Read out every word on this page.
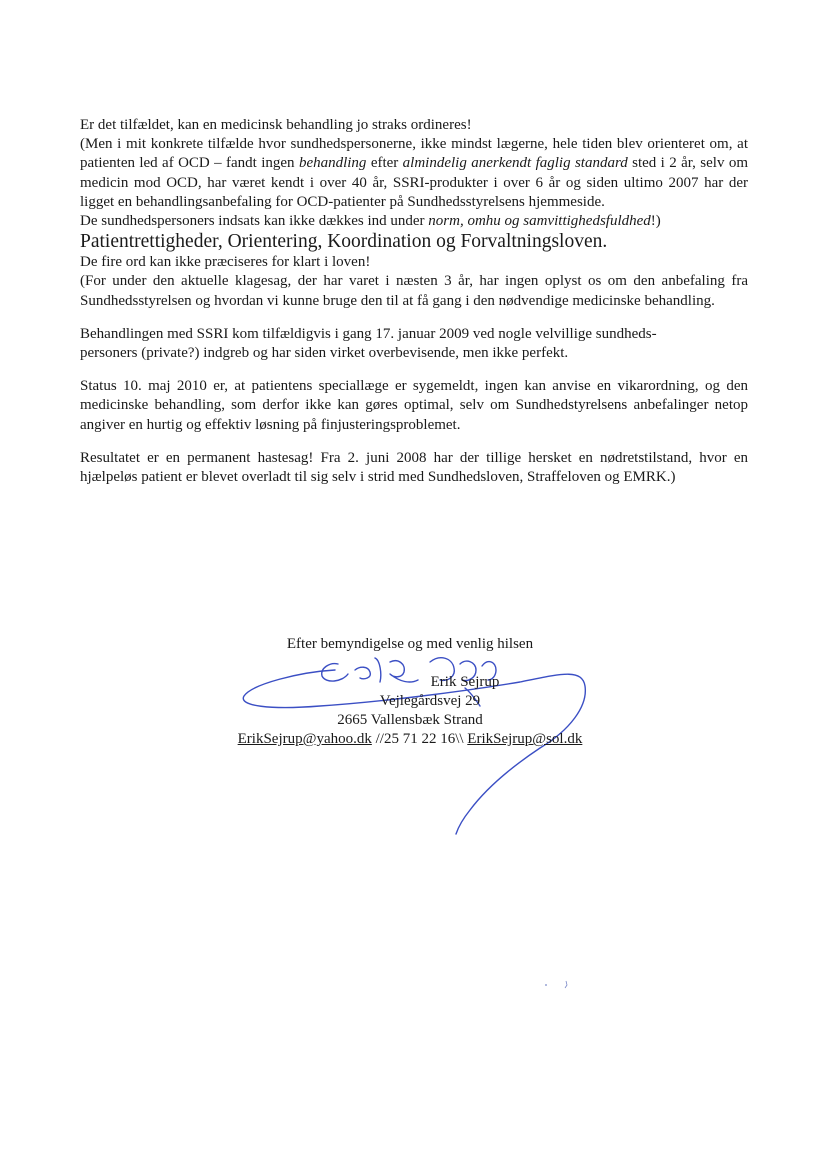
Er det tilfældet, kan en medicinsk behandling jo straks ordineres!

(Men i mit konkrete tilfælde hvor sundhedspersonerne, ikke mindst lægerne, hele tiden blev orienteret om, at patienten led af OCD – fandt ingen behandling efter almindelig anerkendt faglig standard sted i 2 år, selv om medicin mod OCD, har været kendt i over 40 år, SSRI-produkter i over 6 år og siden ultimo 2007 har der ligget en behandlingsanbefaling for OCD-patienter på Sundhedsstyrelsens hjemmeside.

De sundhedspersoners indsats kan ikke dækkes ind under norm, omhu og samvittighedsfuldhed!)

Patientrettigheder, Orientering, Koordination og Forvaltningsloven.

De fire ord kan ikke præciseres for klart i loven!

(For under den aktuelle klagesag, der har varet i næsten 3 år, har ingen oplyst os om den anbefaling fra Sundhedsstyrelsen og hvordan vi kunne bruge den til at få gang i den nødvendige medicinske behandling.

Behandlingen med SSRI kom tilfældigvis i gang 17. januar 2009 ved nogle velvillige sundheds-
personers (private?) indgreb og har siden virket overbevisende, men ikke perfekt.

Status 10. maj 2010 er, at patientens speciallæge er sygemeldt, ingen kan anvise en vikarordning, og den medicinske behandling, som derfor ikke kan gøres optimal, selv om Sundhedstyrelsens anbefalinger netop angiver en hurtig og effektiv løsning på finjusteringsproblemet.

Resultatet er en permanent hastesag! Fra 2. juni 2008 har der tillige hersket en nødretstilstand, hvor en hjælpeløs patient er blevet overladt til sig selv i strid med Sundhedsloven, Straffeloven og EMRK.)

Efter bemyndigelse og med venlig hilsen
Erik Sejrup
Vejlegårdsvej 29
2665 Vallensbæk Strand
ErikSejrup@yahoo.dk //25 71 22 16\\ ErikSejrup@sol.dk
